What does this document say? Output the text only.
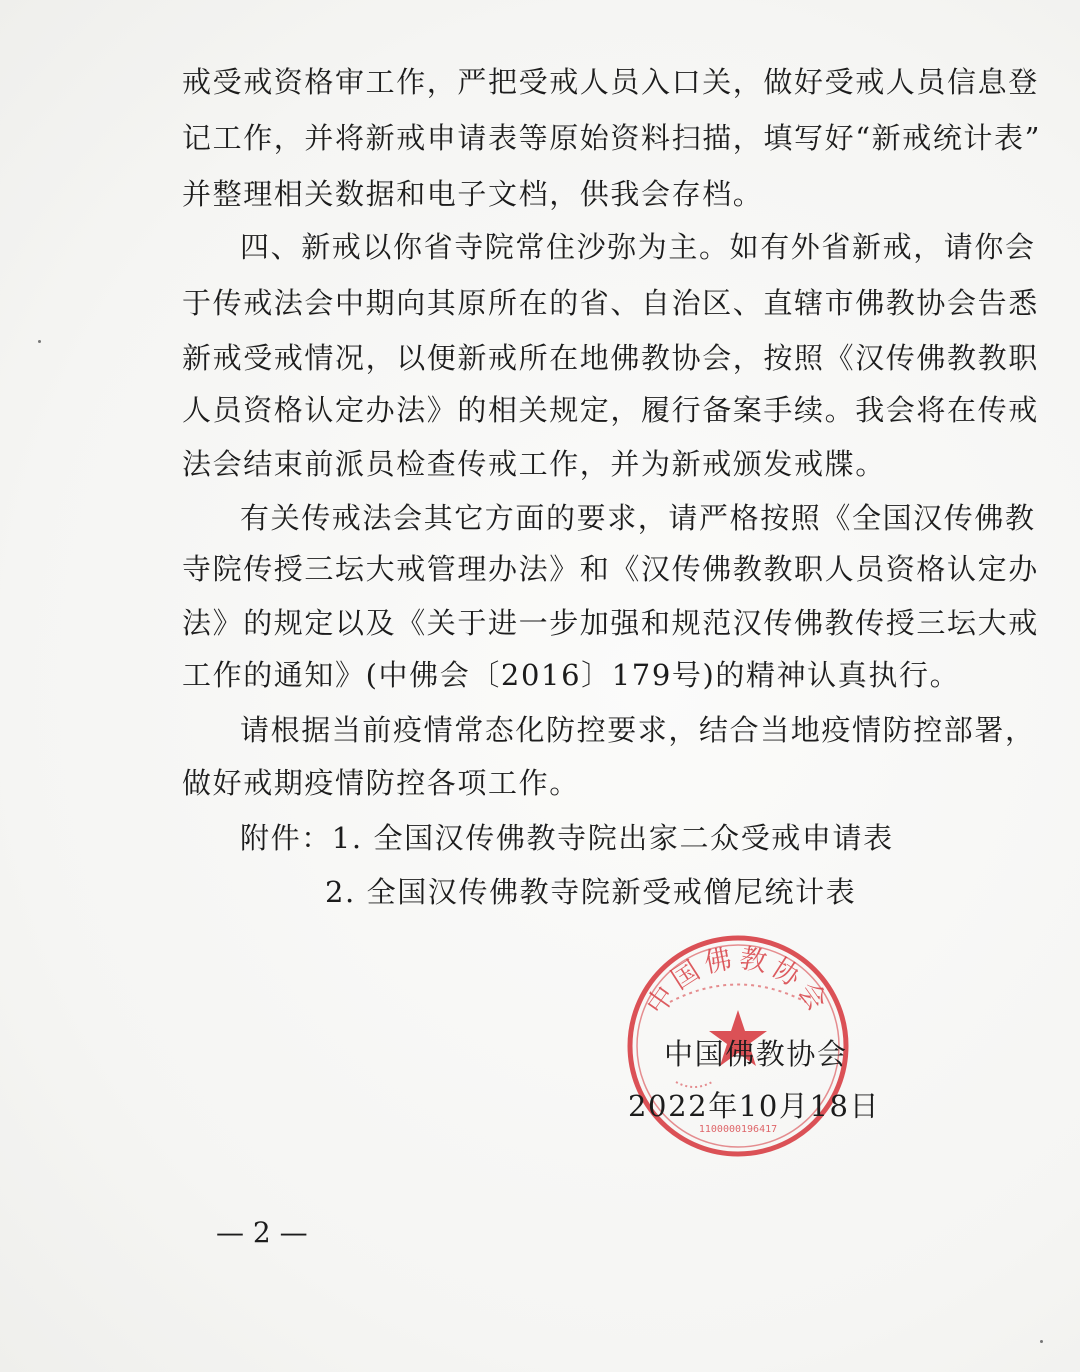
戒受戒资格审工作，严把受戒人员入口关，做好受戒人员信息登
记工作，并将新戒申请表等原始资料扫描，填写好“新戒统计表”
并整理相关数据和电子文档，供我会存档。
四、新戒以你省寺院常住沙弥为主。如有外省新戒，请你会
于传戒法会中期向其原所在的省、自治区、直辖市佛教协会告悉
新戒受戒情况，以便新戒所在地佛教协会，按照《汉传佛教教职
人员资格认定办法》的相关规定，履行备案手续。我会将在传戒
法会结束前派员检查传戒工作，并为新戒颁发戒牒。
有关传戒法会其它方面的要求，请严格按照《全国汉传佛教
寺院传授三坛大戒管理办法》和《汉传佛教教职人员资格认定办
法》的规定以及《关于进一步加强和规范汉传佛教传授三坛大戒
工作的通知》(中佛会〔2016〕179号)的精神认真执行。
请根据当前疫情常态化防控要求，结合当地疫情防控部署，
做好戒期疫情防控各项工作。
附件：1. 全国汉传佛教寺院出家二众受戒申请表
2. 全国汉传佛教寺院新受戒僧尼统计表
中国佛教协会
1100000196417
中国佛教协会
2022年10月18日
— 2 —
